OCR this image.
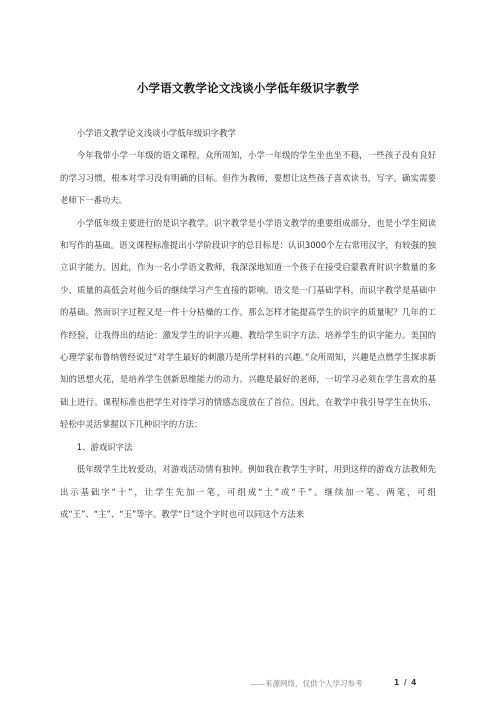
小学语文教学论文浅谈小学低年级识字教学

小学语文教学论文浅谈小学低年级识字教学

今年我带小学一年级的语文课程，众所周知，小学一年级的学生坐也坐不稳，一些孩子没有良好的学习习惯，根本对学习没有明确的目标。但作为教师，要想让这些孩子喜欢读书，写字。确实需要老师下一番功夫。

小学低年级主要进行的是识字教学。识字教学是小学语文教学的重要组成部分，也是小学生阅读和写作的基础。语文课程标准提出小学阶段识字的总目标是：认识3000个左右常用汉字，有较强的独立识字能力。因此，作为一名小学语文教师，我深深地知道一个孩子在接受启蒙教育时识字数量的多少、质量的高低会对他今后的继续学习产生直接的影响。语文是一门基础学科，而识字教学是基础中的基础。然而识字过程又是一件十分枯燥的工作。那么怎样才能提高学生的识字的质量呢？几年的工作经验，让我得出的结论：激发学生的识字兴趣、教给学生识字方法、培养学生的识字能力。美国的心理学家布鲁纳曾经说过“对学生最好的刺激乃是所学材料的兴趣。”众所周知，兴趣是点燃学生探求新知的思想火花，是培养学生创新思维能力的动力。兴趣是最好的老师，一切学习必须在学生喜欢的基础上进行。课程标准也把学生对待学习的情感态度放在了首位。因此，在教学中我引导学生在快乐、轻松中灵活掌握以下几种识字的方法：

1、游戏识字法

低年级学生比较爱动，对游戏活动情有独钟。例如我在教学生字时，用到这样的游戏方法教师先出示基础字“十”，让学生先加一笔，可组成“土”或“千”。继续加一笔、两笔，可组成“王”、“主”、“玉”等字。教学“日”这个字时也可以同这个方法来

——来源网络，仅供个人学习参考	1 / 4
